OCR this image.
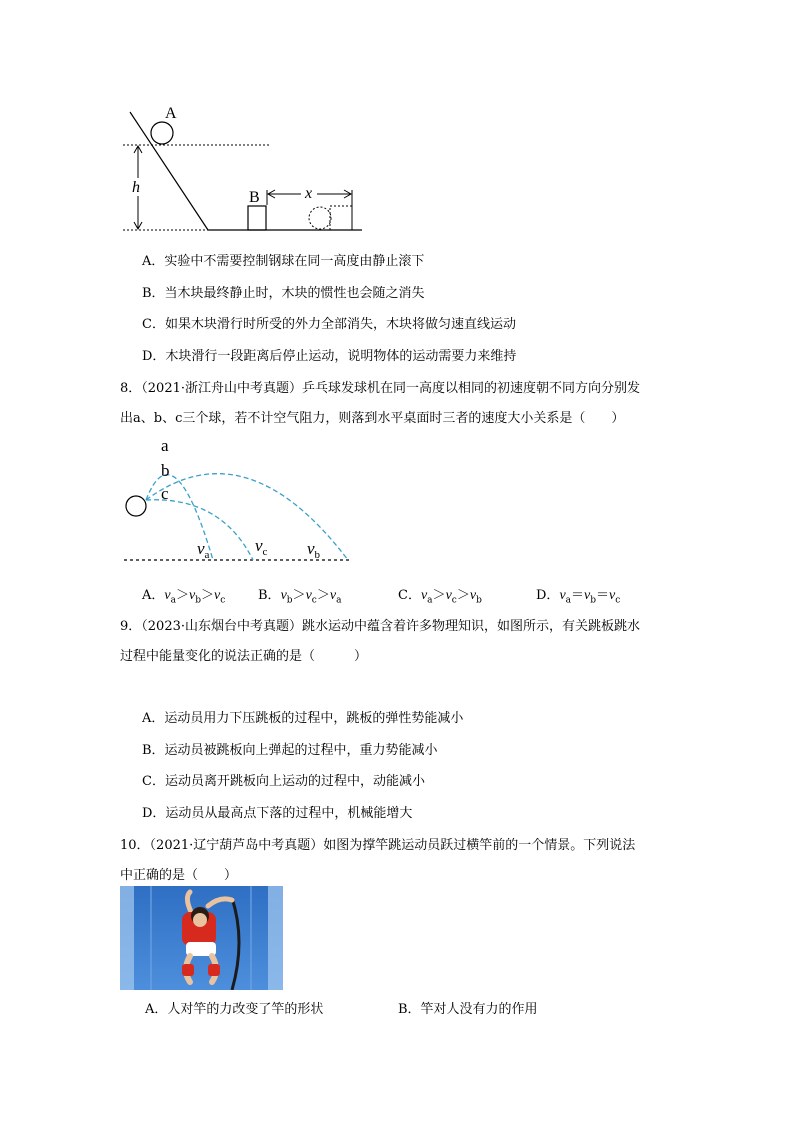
A
h
B	x
A．实验中不需要控制钢球在同一高度由静止滚下
B．当木块最终静止时，木块的惯性也会随之消失
C．如果木块滑行时所受的外力全部消失，木块将做匀速直线运动
D．木块滑行一段距离后停止运动，说明物体的运动需要力来维持
8．（2021·浙江舟山中考真题）乒乓球发球机在同一高度以相同的初速度朝不同方向分别发
出a、b、c三个球，若不计空气阻力，则落到水平桌面时三者的速度大小关系是（　　）
a
b
c
$v_a$	$v_c$ $v_b$
A．$v_a>v_b>v_c$	B．$v_b>v_c>v_a$	C．$v_a>v_c>v_b$	D．$v_a=v_b=v_c$
9．（2023·山东烟台中考真题）跳水运动中蕴含着许多物理知识，如图所示，有关跳板跳水
过程中能量变化的说法正确的是（　　　）
A．运动员用力下压跳板的过程中，跳板的弹性势能减小
B．运动员被跳板向上弹起的过程中，重力势能减小
C．运动员离开跳板向上运动的过程中，动能减小
D．运动员从最高点下落的过程中，机械能增大
10．（2021·辽宁葫芦岛中考真题）如图为撑竿跳运动员跃过横竿前的一个情景。下列说法
中正确的是（　　）
A．人对竿的力改变了竿的形状	B．竿对人没有力的作用
